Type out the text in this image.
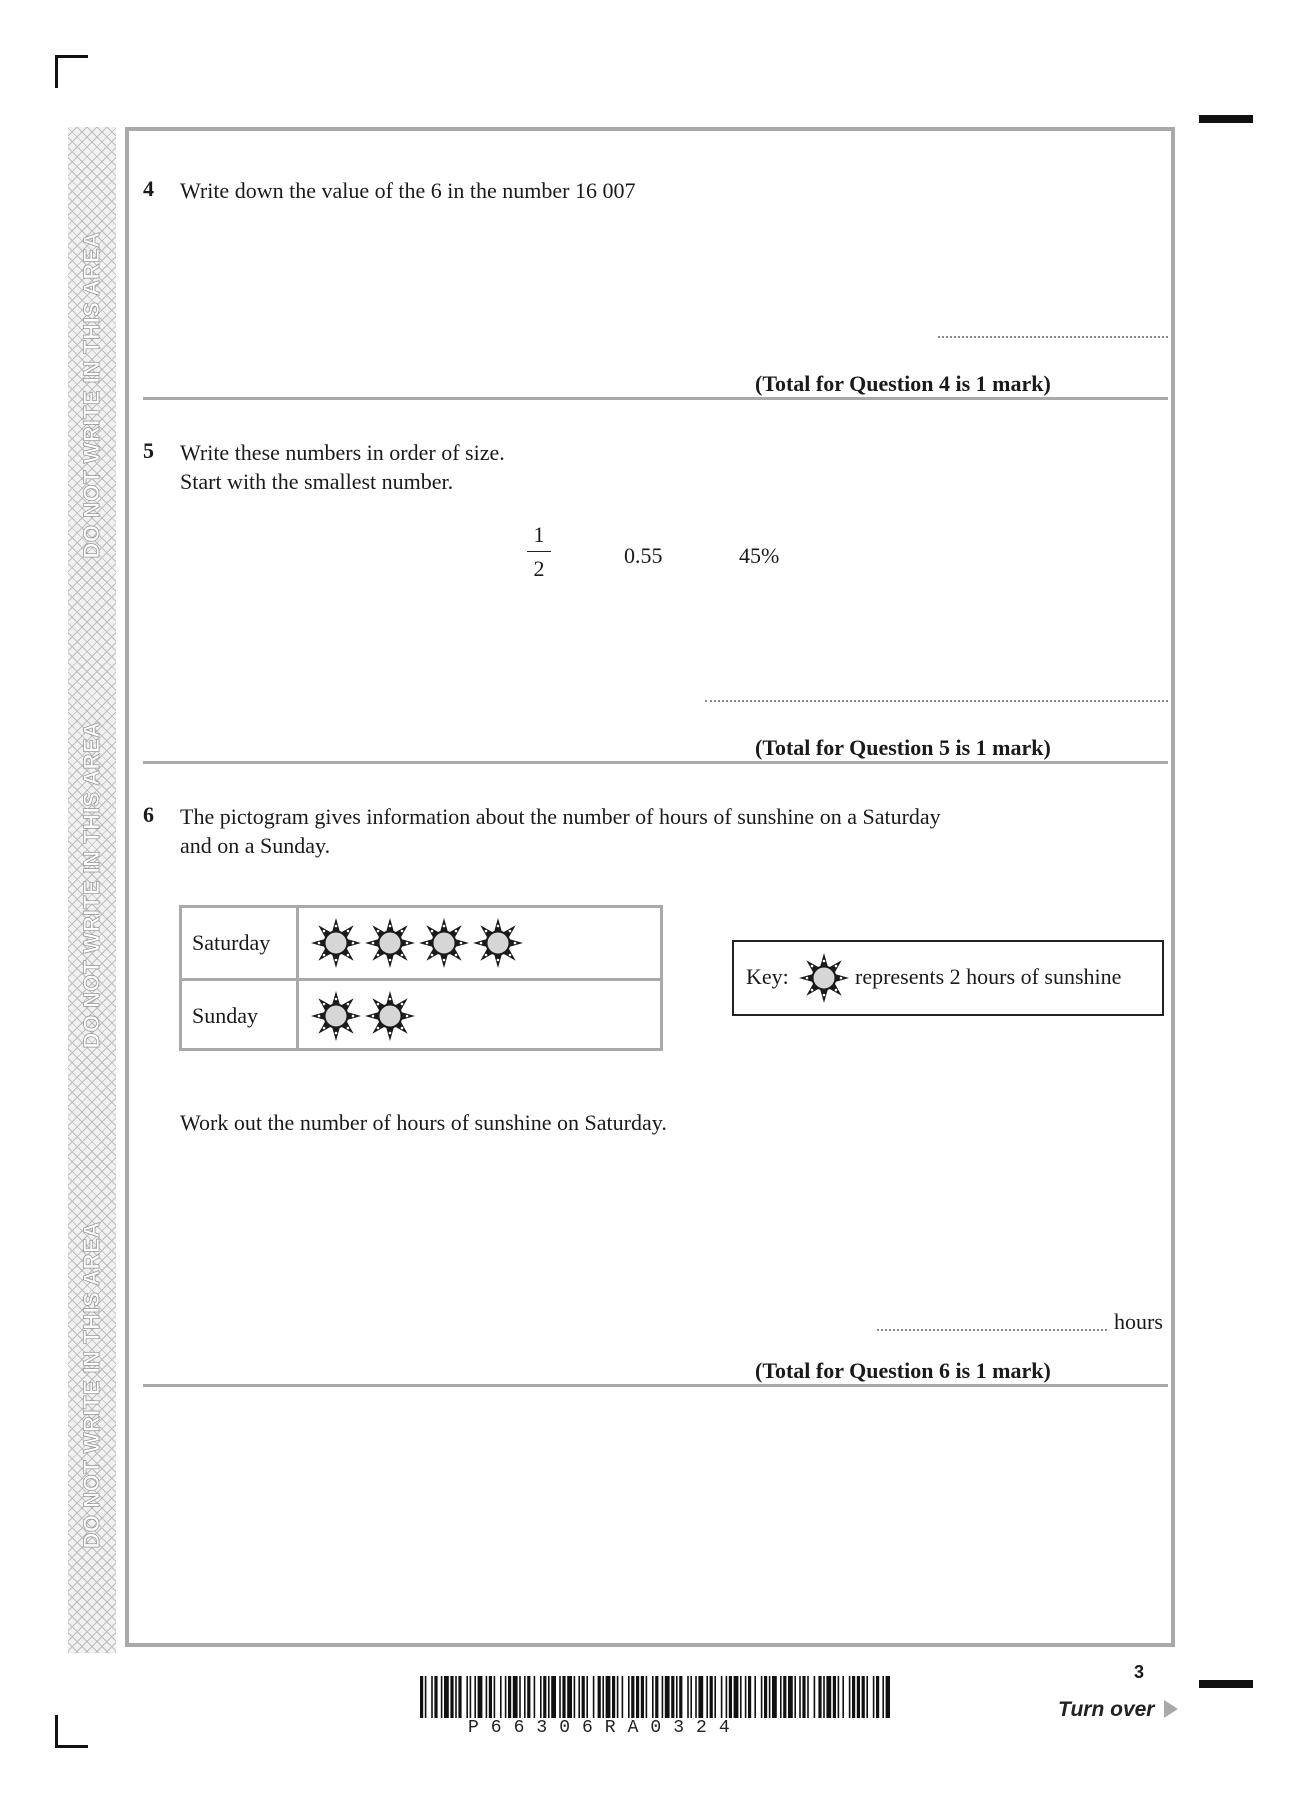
DO NOT WRITE IN THIS AREA
DO NOT WRITE IN THIS AREA
DO NOT WRITE IN THIS AREA
4 Write down the value of the 6 in the number 16 007
(Total for Question 4 is 1 mark)
5 Write these numbers in order of size.
Start with the smallest number.
1
2
0.55	45%
(Total for Question 5 is 1 mark)
6 The pictogram gives information about the number of hours of sunshine on a Saturday
and on a Sunday.
Saturday
Sunday
Key:	represents 2 hours of sunshine
Work out the number of hours of sunshine on Saturday.
hours
(Total for Question 6 is 1 mark)
P66306RA0324
3
Turn over
